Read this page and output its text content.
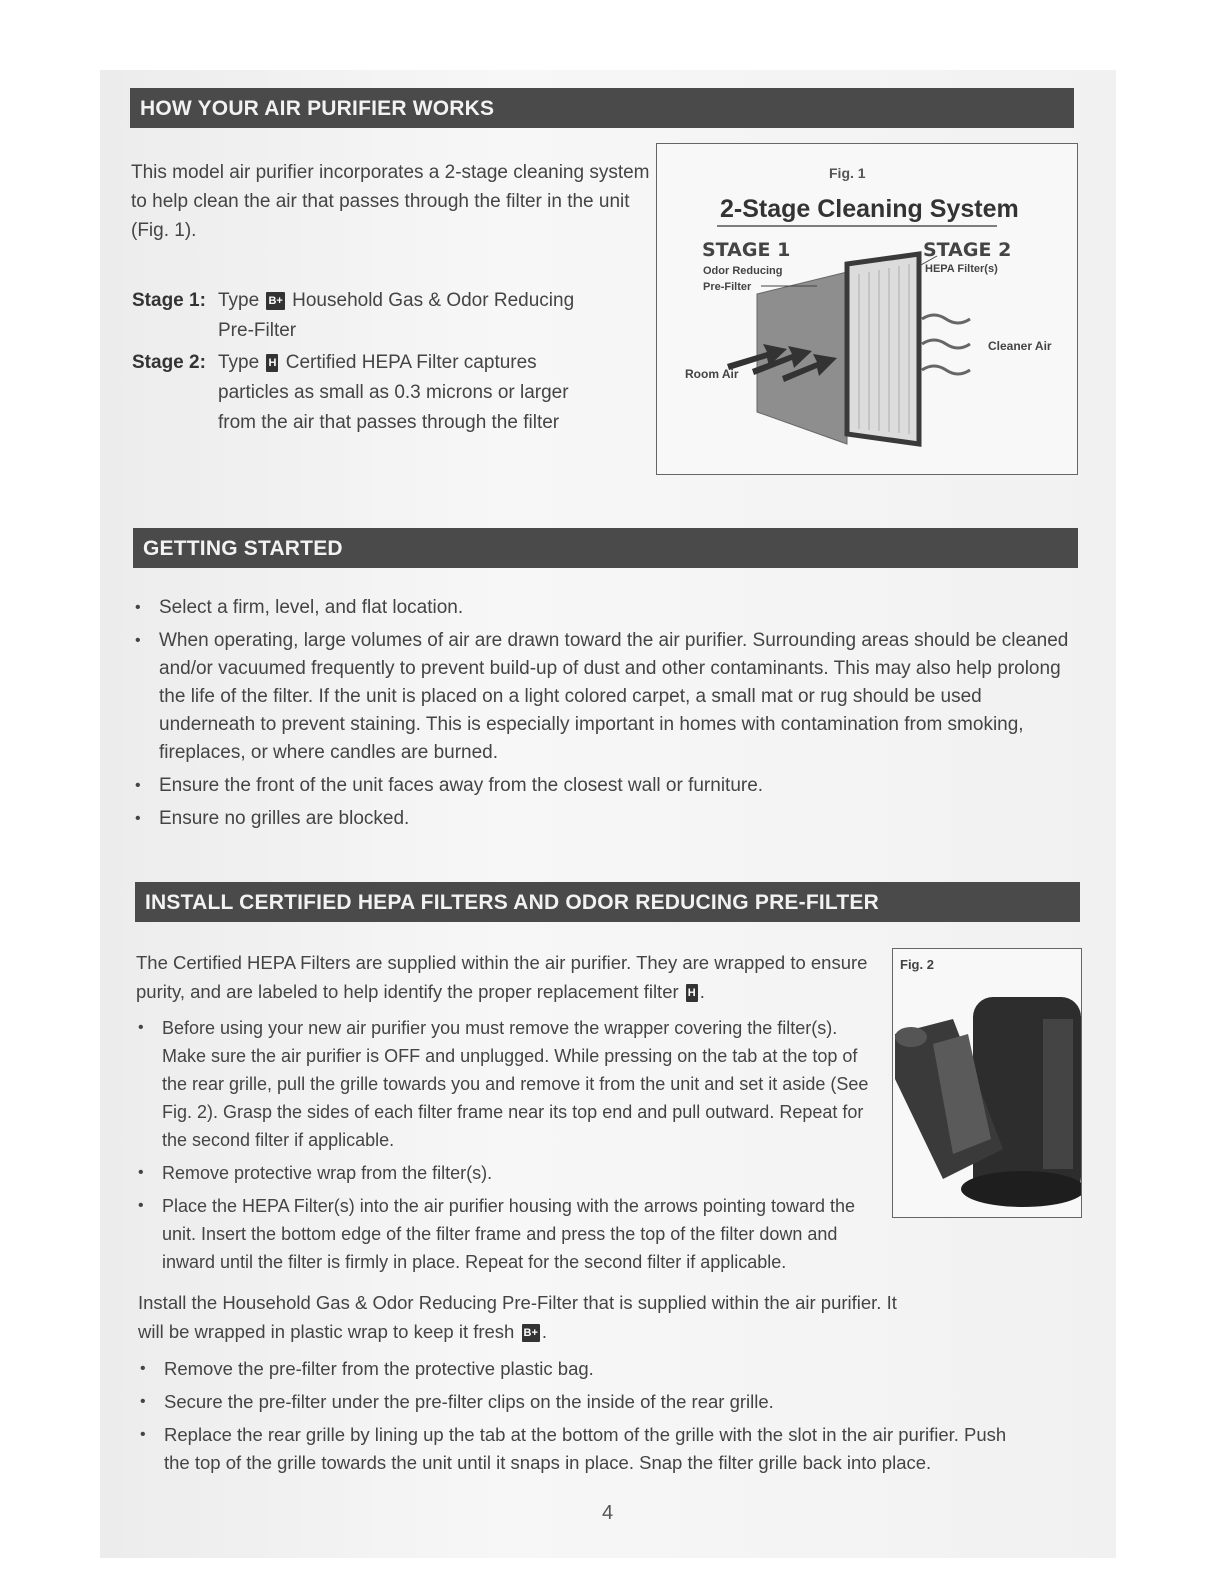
HOW YOUR AIR PURIFIER WORKS
This model air purifier incorporates a 2-stage cleaning system to help clean the air that passes through the filter in the unit (Fig. 1).
Stage 1: Type B+ Household Gas & Odor Reducing Pre-Filter
Stage 2: Type H Certified HEPA Filter captures particles as small as 0.3 microns or larger from the air that passes through the filter
Fig. 1
2-Stage Cleaning System
STAGE 1
Odor Reducing
Pre-Filter
STAGE 2
HEPA Filter(s)
Room Air
Cleaner Air
GETTING STARTED
• Select a firm, level, and flat location.
• When operating, large volumes of air are drawn toward the air purifier. Surrounding areas should be cleaned and/or vacuumed frequently to prevent build-up of dust and other contaminants. This may also help prolong the life of the filter. If the unit is placed on a light colored carpet, a small mat or rug should be used underneath to prevent staining. This is especially important in homes with contamination from smoking, fireplaces, or where candles are burned.
• Ensure the front of the unit faces away from the closest wall or furniture.
• Ensure no grilles are blocked.
INSTALL CERTIFIED HEPA FILTERS AND ODOR REDUCING PRE-FILTER
The Certified HEPA Filters are supplied within the air purifier. They are wrapped to ensure purity, and are labeled to help identify the proper replacement filter H .
• Before using your new air purifier you must remove the wrapper covering the filter(s). Make sure the air purifier is OFF and unplugged. While pressing on the tab at the top of the rear grille, pull the grille towards you and remove it from the unit and set it aside (See Fig. 2). Grasp the sides of each filter frame near its top end and pull outward. Repeat for the second filter if applicable.
• Remove protective wrap from the filter(s).
• Place the HEPA Filter(s) into the air purifier housing with the arrows pointing toward the unit. Insert the bottom edge of the filter frame and press the top of the filter down and inward until the filter is firmly in place. Repeat for the second filter if applicable.
Fig. 2
Install the Household Gas & Odor Reducing Pre-Filter that is supplied within the air purifier. It will be wrapped in plastic wrap to keep it fresh B+ .
• Remove the pre-filter from the protective plastic bag.
• Secure the pre-filter under the pre-filter clips on the inside of the rear grille.
• Replace the rear grille by lining up the tab at the bottom of the grille with the slot in the air purifier. Push the top of the grille towards the unit until it snaps in place. Snap the filter grille back into place.
4
